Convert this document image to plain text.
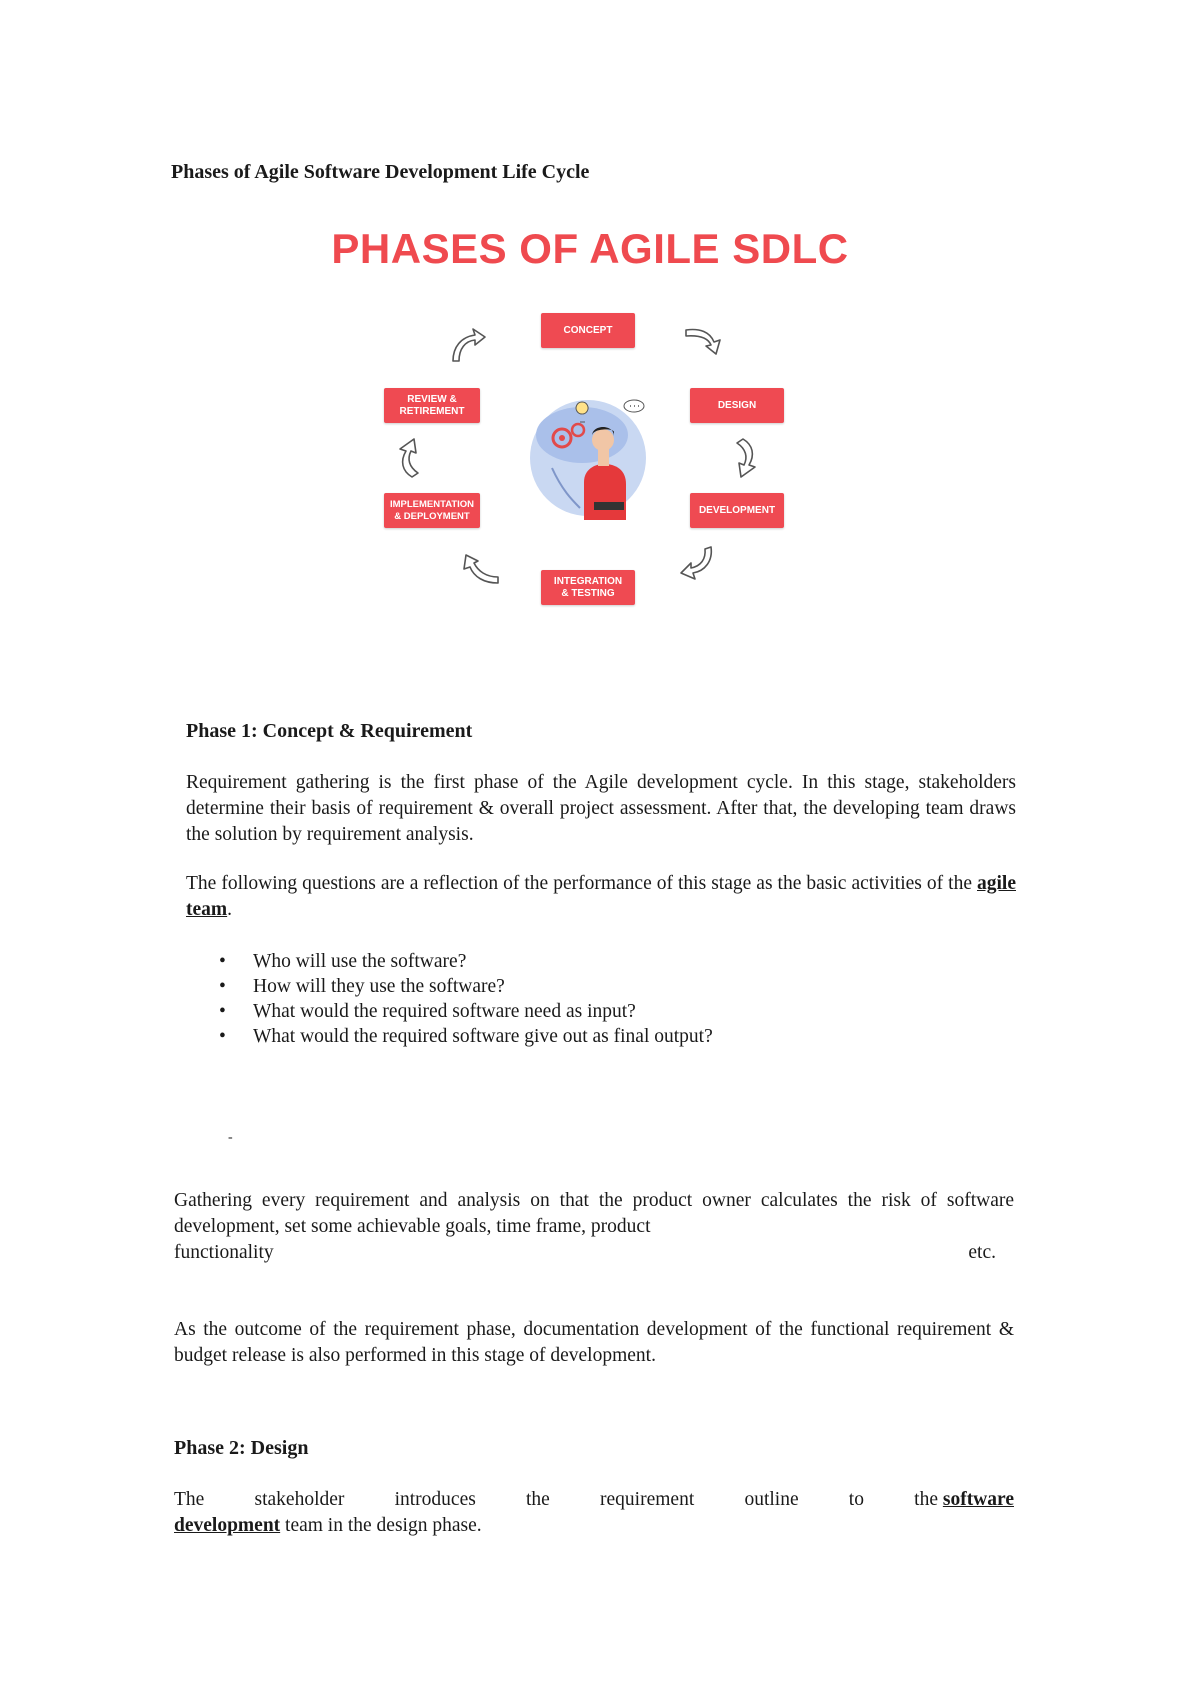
Phases of Agile Software Development Life Cycle
PHASES OF AGILE SDLC
CONCEPT
DESIGN
DEVELOPMENT
INTEGRATION
& TESTING
IMPLEMENTATION
& DEPLOYMENT
REVIEW &
RETIREMENT
Phase 1: Concept & Requirement
Requirement gathering is the first phase of the Agile development cycle. In this stage, stakeholders determine their basis of requirement & overall project assessment. After that, the developing team draws the solution by requirement analysis.
The following questions are a reflection of the performance of this stage as the basic activities of the agile team.
• Who will use the software?
• How will they use the software?
• What would the required software need as input?
• What would the required software give out as final output?
-
Gathering every requirement and analysis on that the product owner calculates the risk of software development, set some achievable goals, time frame, product
functionality	etc.
As the outcome of the requirement phase, documentation development of the functional requirement & budget release is also performed in this stage of development.
Phase 2: Design
The	stakeholder	introduces	the	requirement	outline	to	the software
development team in the design phase.
